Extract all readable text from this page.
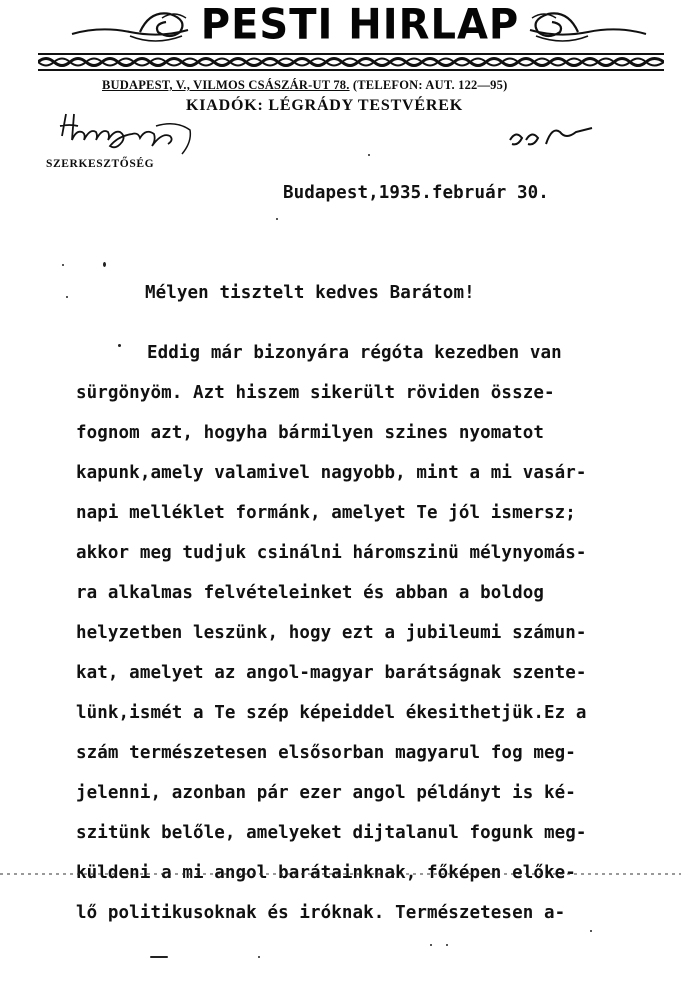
PESTI HIRLAP
BUDAPEST, V., VILMOS CSÁSZÁR-UT 78. (TELEFON: AUT. 122—95)
KIADÓK: LÉGRÁDY TESTVÉREK
SZERKESZTŐSÉG
Budapest,1935.február 30.
Mélyen tisztelt kedves Barátom!
Eddig már bizonyára régóta kezedben van
sürgönyöm. Azt hiszem sikerült röviden össze-
fognom azt, hogyha bármilyen szines nyomatot
kapunk,amely valamivel nagyobb, mint a mi vasár-
napi melléklet formánk, amelyet Te jól ismersz;
akkor meg tudjuk csinálni háromszinü mélynyomás-
ra alkalmas felvételeinket és abban a boldog
helyzetben leszünk, hogy ezt a jubileumi számun-
kat, amelyet az angol-magyar barátságnak szente-
lünk,ismét a Te szép képeiddel ékesithetjük.Ez a
szám természetesen elsősorban magyarul fog meg-
jelenni, azonban pár ezer angol példányt is ké-
szitünk belőle, amelyeket dijtalanul fogunk meg-
küldeni a mi angol barátainknak, főképen előke-
lő politikusoknak és iróknak. Természetesen a-
